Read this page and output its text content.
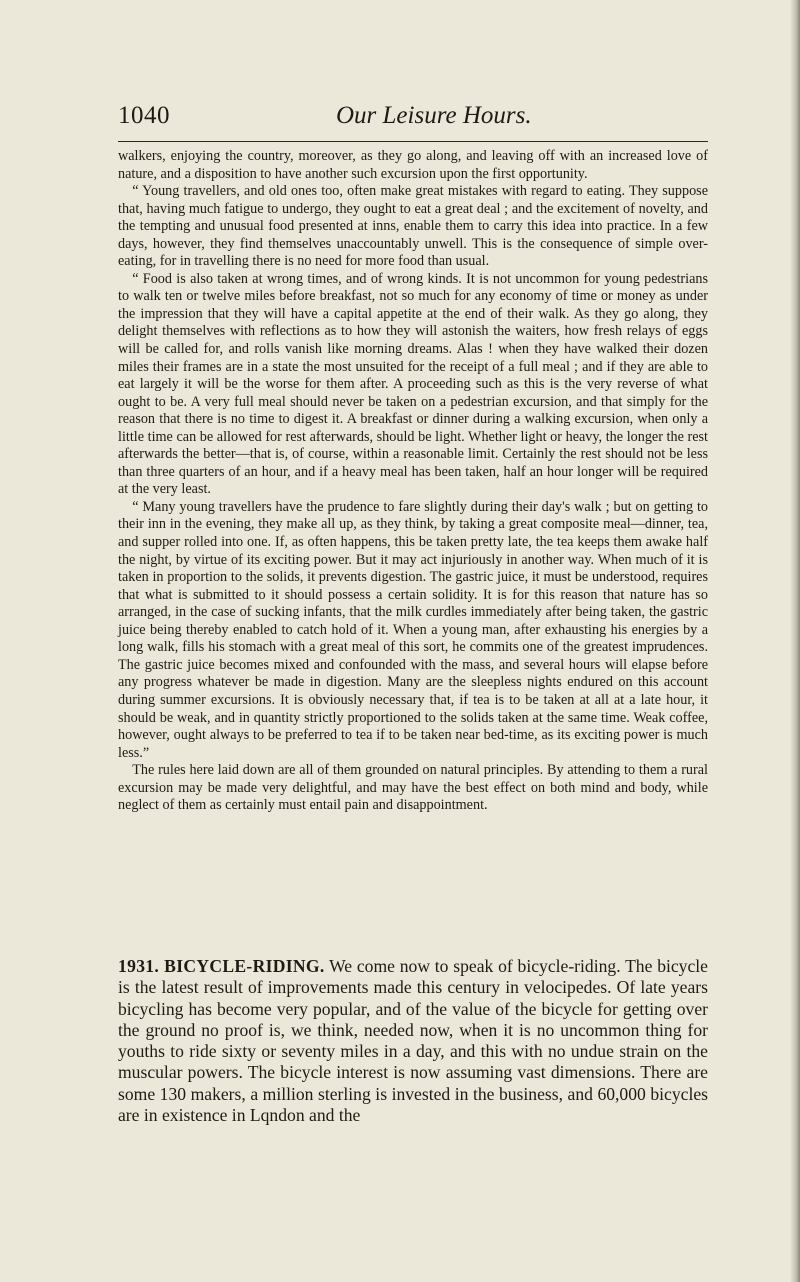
1040	Our Leisure Hours.

walkers, enjoying the country, moreover, as they go along, and leaving off with an increased love of nature, and a disposition to have another such excursion upon the first opportunity.

“ Young travellers, and old ones too, often make great mistakes with regard to eating. They suppose that, having much fatigue to undergo, they ought to eat a great deal ; and the excitement of novelty, and the tempting and unusual food presented at inns, enable them to carry this idea into practice. In a few days, however, they find themselves unaccountably unwell. This is the consequence of simple over-eating, for in travelling there is no need for more food than usual.

“ Food is also taken at wrong times, and of wrong kinds. It is not uncommon for young pedestrians to walk ten or twelve miles before breakfast, not so much for any economy of time or money as under the impression that they will have a capital appetite at the end of their walk. As they go along, they delight themselves with reflections as to how they will astonish the waiters, how fresh relays of eggs will be called for, and rolls vanish like morning dreams. Alas ! when they have walked their dozen miles their frames are in a state the most unsuited for the receipt of a full meal ; and if they are able to eat largely it will be the worse for them after. A proceeding such as this is the very reverse of what ought to be. A very full meal should never be taken on a pedestrian excursion, and that simply for the reason that there is no time to digest it. A breakfast or dinner during a walking excursion, when only a little time can be allowed for rest afterwards, should be light. Whether light or heavy, the longer the rest afterwards the better—that is, of course, within a reasonable limit. Certainly the rest should not be less than three quarters of an hour, and if a heavy meal has been taken, half an hour longer will be required at the very least.

“ Many young travellers have the prudence to fare slightly during their day's walk ; but on getting to their inn in the evening, they make all up, as they think, by taking a great composite meal—dinner, tea, and supper rolled into one. If, as often happens, this be taken pretty late, the tea keeps them awake half the night, by virtue of its exciting power. But it may act injuriously in another way. When much of it is taken in proportion to the solids, it prevents digestion. The gastric juice, it must be understood, requires that what is submitted to it should possess a certain solidity. It is for this reason that nature has so arranged, in the case of sucking infants, that the milk curdles immediately after being taken, the gastric juice being thereby enabled to catch hold of it. When a young man, after exhausting his energies by a long walk, fills his stomach with a great meal of this sort, he commits one of the greatest imprudences. The gastric juice becomes mixed and confounded with the mass, and several hours will elapse before any progress whatever be made in digestion. Many are the sleepless nights endured on this account during summer excursions. It is obviously necessary that, if tea is to be taken at all at a late hour, it should be weak, and in quantity strictly proportioned to the solids taken at the same time. Weak coffee, however, ought always to be preferred to tea if to be taken near bed-time, as its exciting power is much less.”

The rules here laid down are all of them grounded on natural principles. By attending to them a rural excursion may be made very delightful, and may have the best effect on both mind and body, while neglect of them as certainly must entail pain and disappointment.

1931. BICYCLE-RIDING. We come now to speak of bicycle-riding. The bicycle is the latest result of improvements made this century in velocipedes. Of late years bicycling has become very popular, and of the value of the bicycle for getting over the ground no proof is, we think, needed now, when it is no uncommon thing for youths to ride sixty or seventy miles in a day, and this with no undue strain on the muscular powers. The bicycle interest is now assuming vast dimensions. There are some 130 makers, a million sterling is invested in the business, and 60,000 bicycles are in existence in Lqndon and the
